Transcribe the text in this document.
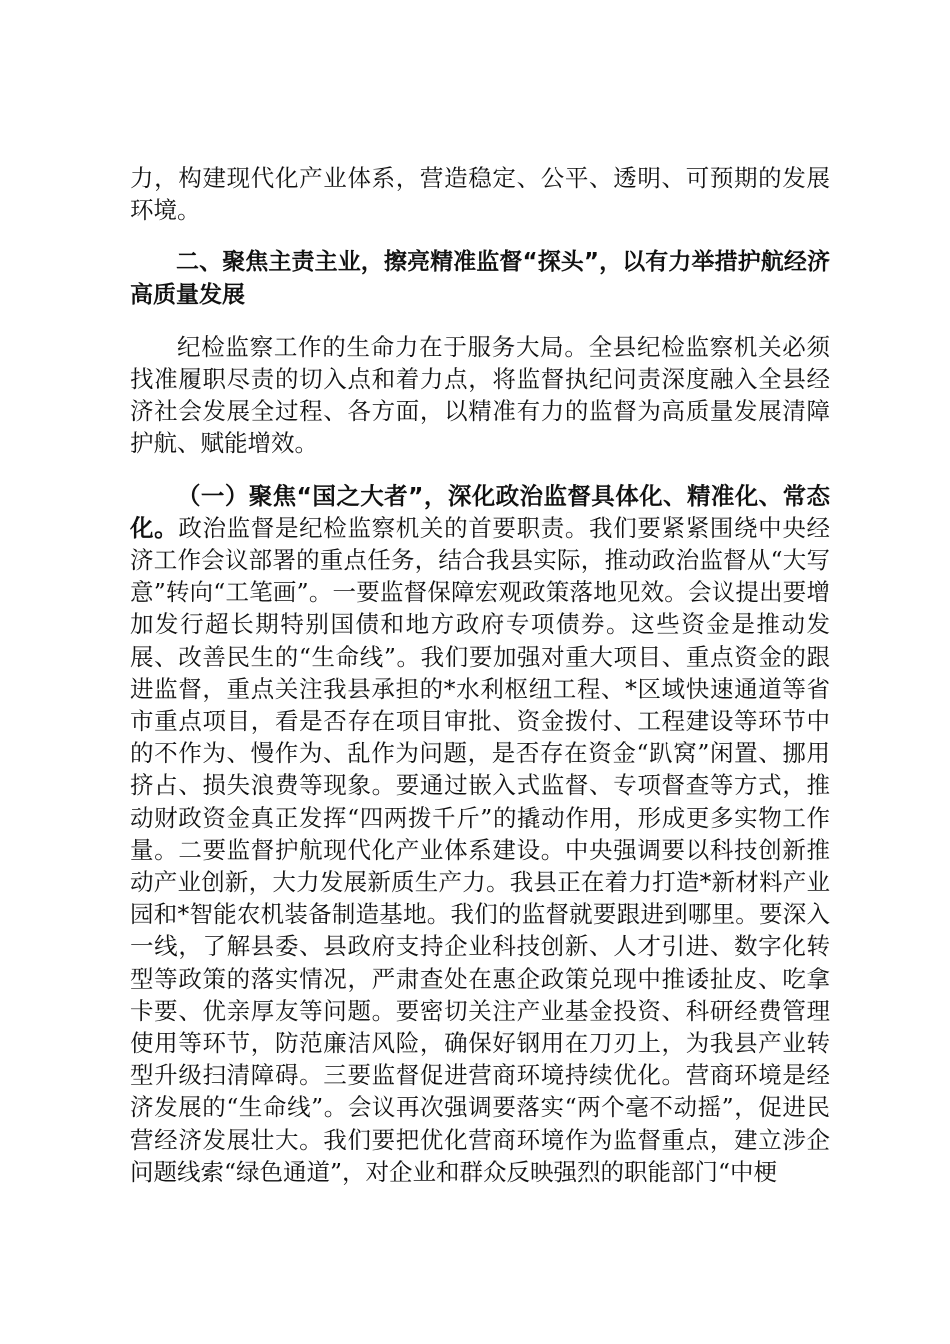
力，构建现代化产业体系，营造稳定、公平、透明、可预期的发展环境。

二、聚焦主责主业，擦亮精准监督“探头”，以有力举措护航经济高质量发展

纪检监察工作的生命力在于服务大局。全县纪检监察机关必须找准履职尽责的切入点和着力点，将监督执纪问责深度融入全县经济社会发展全过程、各方面，以精准有力的监督为高质量发展清障护航、赋能增效。

（一）聚焦“国之大者”，深化政治监督具体化、精准化、常态化。政治监督是纪检监察机关的首要职责。我们要紧紧围绕中央经济工作会议部署的重点任务，结合我县实际，推动政治监督从“大写意”转向“工笔画”。一要监督保障宏观政策落地见效。会议提出要增加发行超长期特别国债和地方政府专项债券。这些资金是推动发展、改善民生的“生命线”。我们要加强对重大项目、重点资金的跟进监督，重点关注我县承担的*水利枢纽工程、*区域快速通道等省市重点项目，看是否存在项目审批、资金拨付、工程建设等环节中的不作为、慢作为、乱作为问题，是否存在资金“趴窝”闲置、挪用挤占、损失浪费等现象。要通过嵌入式监督、专项督查等方式，推动财政资金真正发挥“四两拨千斤”的撬动作用，形成更多实物工作量。二要监督护航现代化产业体系建设。中央强调要以科技创新推动产业创新，大力发展新质生产力。我县正在着力打造*新材料产业园和*智能农机装备制造基地。我们的监督就要跟进到哪里。要深入一线，了解县委、县政府支持企业科技创新、人才引进、数字化转型等政策的落实情况，严肃查处在惠企政策兑现中推诿扯皮、吃拿卡要、优亲厚友等问题。要密切关注产业基金投资、科研经费管理使用等环节，防范廉洁风险，确保好钢用在刀刃上，为我县产业转型升级扫清障碍。三要监督促进营商环境持续优化。营商环境是经济发展的“生命线”。会议再次强调要落实“两个毫不动摇”，促进民营经济发展壮大。我们要把优化营商环境作为监督重点，建立涉企问题线索“绿色通道”，对企业和群众反映强烈的职能部门“中梗
